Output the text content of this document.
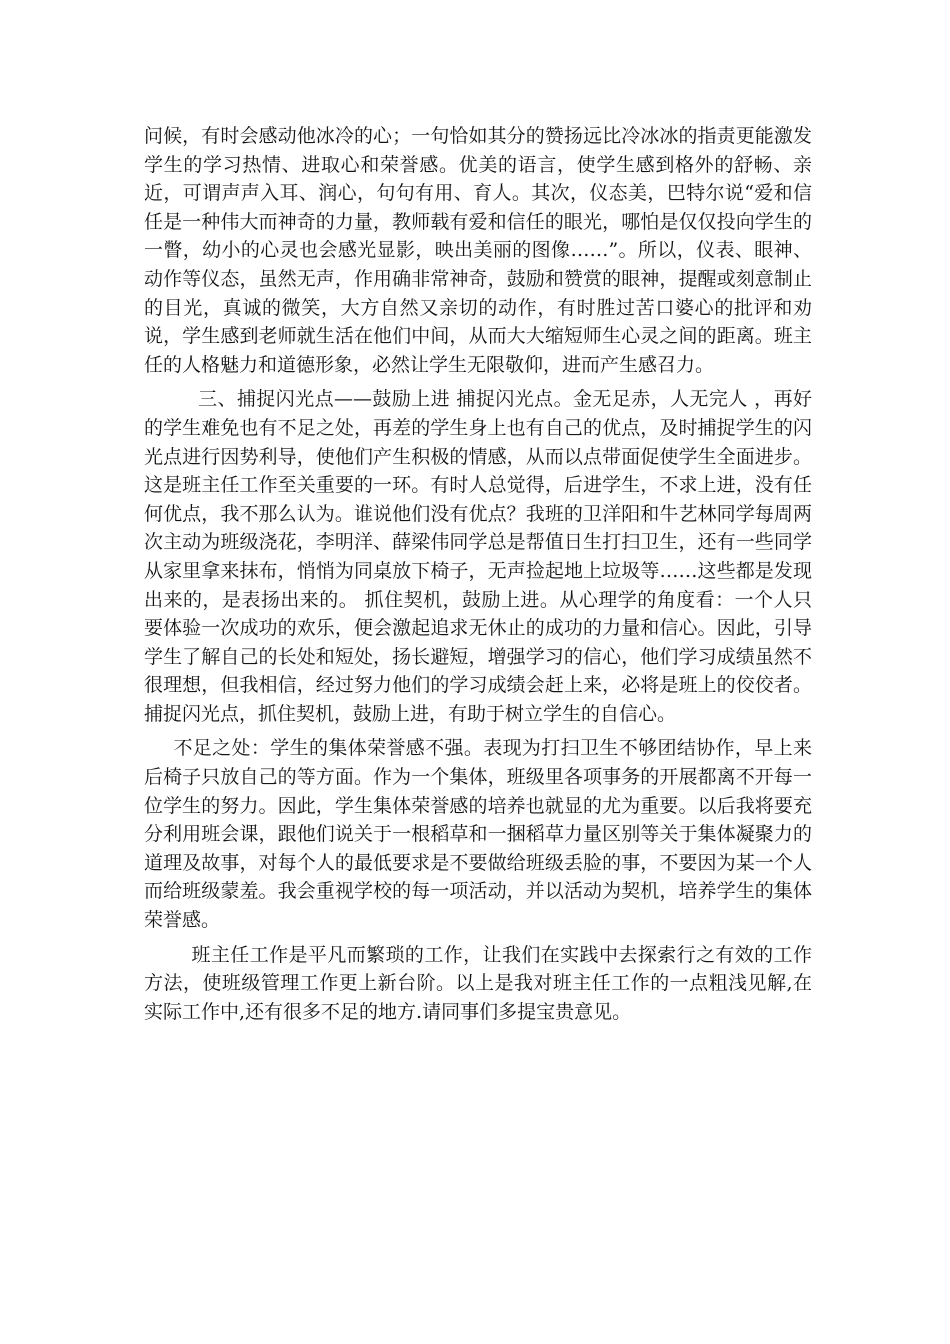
问候，有时会感动他冰冷的心；一句恰如其分的赞扬远比冷冰冰的指责更能激发学生的学习热情、进取心和荣誉感。优美的语言，使学生感到格外的舒畅、亲近，可谓声声入耳、润心，句句有用、育人。其次，仪态美，巴特尔说“爱和信任是一种伟大而神奇的力量，教师载有爱和信任的眼光，哪怕是仅仅投向学生的一瞥，幼小的心灵也会感光显影，映出美丽的图像……”。所以，仪表、眼神、动作等仪态，虽然无声，作用确非常神奇，鼓励和赞赏的眼神，提醒或刻意制止的目光，真诚的微笑，大方自然又亲切的动作，有时胜过苦口婆心的批评和劝说，学生感到老师就生活在他们中间，从而大大缩短师生心灵之间的距离。班主任的人格魅力和道德形象，必然让学生无限敬仰，进而产生感召力。

三、捕捉闪光点——鼓励上进 捕捉闪光点。金无足赤，人无完人 ，再好的学生难免也有不足之处，再差的学生身上也有自己的优点，及时捕捉学生的闪光点进行因势利导，使他们产生积极的情感，从而以点带面促使学生全面进步。这是班主任工作至关重要的一环。有时人总觉得，后进学生，不求上进，没有任何优点，我不那么认为。谁说他们没有优点？我班的卫洋阳和牛艺林同学每周两次主动为班级浇花，李明洋、薛梁伟同学总是帮值日生打扫卫生，还有一些同学从家里拿来抹布，悄悄为同桌放下椅子，无声捡起地上垃圾等……这些都是发现出来的，是表扬出来的。 抓住契机，鼓励上进。从心理学的角度看：一个人只要体验一次成功的欢乐，便会激起追求无休止的成功的力量和信心。因此，引导学生了解自己的长处和短处，扬长避短，增强学习的信心，他们学习成绩虽然不很理想，但我相信，经过努力他们的学习成绩会赶上来，必将是班上的佼佼者。捕捉闪光点，抓住契机，鼓励上进，有助于树立学生的自信心。

不足之处：学生的集体荣誉感不强。表现为打扫卫生不够团结协作，早上来后椅子只放自己的等方面。作为一个集体，班级里各项事务的开展都离不开每一位学生的努力。因此，学生集体荣誉感的培养也就显的尤为重要。以后我将要充分利用班会课，跟他们说关于一根稻草和一捆稻草力量区别等关于集体凝聚力的道理及故事，对每个人的最低要求是不要做给班级丢脸的事，不要因为某一个人而给班级蒙羞。我会重视学校的每一项活动，并以活动为契机，培养学生的集体荣誉感。

班主任工作是平凡而繁琐的工作，让我们在实践中去探索行之有效的工作方法，使班级管理工作更上新台阶。以上是我对班主任工作的一点粗浅见解,在实际工作中,还有很多不足的地方.请同事们多提宝贵意见。
